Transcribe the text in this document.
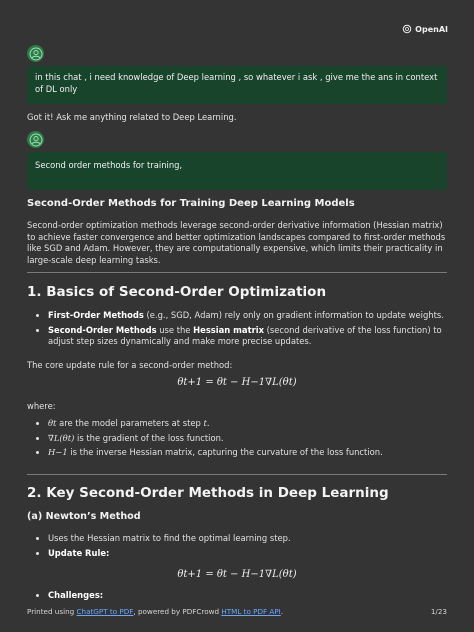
OpenAI
in this chat , i need knowledge of Deep learning , so whatever i ask , give me the ans in context of DL only
Got it! Ask me anything related to Deep Learning.
Second order methods for training,
Second-Order Methods for Training Deep Learning Models
Second-order optimization methods leverage second-order derivative information (Hessian matrix) to achieve faster convergence and better optimization landscapes compared to first-order methods like SGD and Adam. However, they are computationally expensive, which limits their practicality in large-scale deep learning tasks.
1. Basics of Second-Order Optimization
• First-Order Methods (e.g., SGD, Adam) rely only on gradient information to update weights.
• Second-Order Methods use the Hessian matrix (second derivative of the loss function) to adjust step sizes dynamically and make more precise updates.
The core update rule for a second-order method:
θt+1 = θt − H−1∇L(θt)
where:
• θt are the model parameters at step t.
• ∇L(θt) is the gradient of the loss function.
• H−1 is the inverse Hessian matrix, capturing the curvature of the loss function.
2. Key Second-Order Methods in Deep Learning
(a) Newton’s Method
• Uses the Hessian matrix to find the optimal learning step.
• Update Rule:
θt+1 = θt − H−1∇L(θt)
• Challenges:
Printed using ChatGPT to PDF, powered by PDFCrowd HTML to PDF API.	1/23
